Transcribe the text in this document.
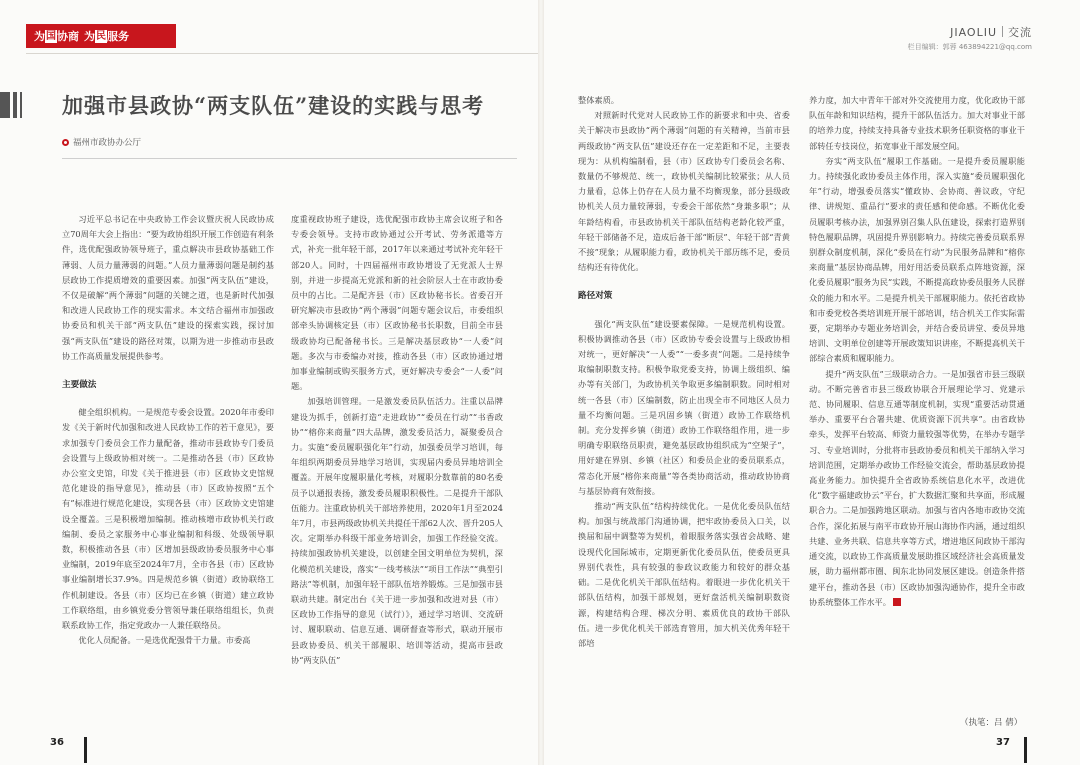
为 国 协商 为 民 服务	JIAOLIU 交流
栏目编辑：郭蓉 463894221@qq.com
加强市县政协“两支队伍”建设的实践与思考
福州市政协办公厅

习近平总书记在中央政协工作会议暨庆祝人民政协成立70周年大会上指出：“要为政协组织开展工作创造有利条件，选优配强政协领导班子，重点解决市县政协基础工作薄弱、人员力量薄弱的问题。”人员力量薄弱问题是制约基层政协工作提质增效的重要因素。加强“两支队伍”建设，不仅是破解“两个薄弱”问题的关键之道，也是新时代加强和改进人民政协工作的现实需求。本文结合福州市加强政协委员和机关干部“两支队伍”建设的探索实践，探讨加强“两支队伍”建设的路径对策，以期为进一步推动市县政协工作高质量发展提供参考。

主要做法

健全组织机构。一是规范专委会设置。2020年市委印发《关于新时代加强和改进人民政协工作的若干意见》，要求加强专门委员会工作力量配备，推动市县政协专门委员会设置与上级政协相对统一。二是推动各县（市）区政协办公室文史馆，印发《关于推进县（市）区政协文史馆规范化建设的指导意见》，推动县（市）区政协按照“五个有”标准进行规范化建设，实现各县（市）区政协文史馆建设全覆盖。三是积极增加编制。推动核增市政协机关行政编制、委员之家服务中心事业编制和科级、处级领导职数，积极推动各县（市）区增加县级政协委员服务中心事业编制，2019年底至2024年7月，全市各县（市）区政协事业编制增长37.9%。四是规范乡镇（街道）政协联络工作机制建设。各县（市）区均已在乡镇（街道）建立政协工作联络组，由乡镇党委分管领导兼任联络组组长，负责联系政协工作，指定党政办一人兼任联络员。

优化人员配备。一是选优配强骨干力量。市委高

度重视政协班子建设，选优配强市政协主席会议班子和各专委会领导。支持市政协通过公开考试、劳务派遣等方式，补充一批年轻干部，2017年以来通过考试补充年轻干部20人。同时，十四届福州市政协增设了无党派人士界别，并进一步提高无党派和新的社会阶层人士在市政协委员中的占比。二是配齐县（市）区政协秘书长。省委召开研究解决市县政协“两个薄弱”问题专题会议后，市委组织部牵头协调核定县（市）区政协秘书长职数，目前全市县级政协均已配备秘书长。三是解决基层政协“一人委”问题。多次与市委编办对接，推动各县（市）区政协通过增加事业编制或购买服务方式，更好解决专委会“一人委”问题。

加强培训管理。一是激发委员队伍活力。注重以品牌建设为抓手，创新打造“走进政协”“委员在行动”“书香政协”“榕你来商量”四大品牌，激发委员活力，凝聚委员合力。实施“委员履职强化年”行动，加强委员学习培训，每年组织两期委员异地学习培训，实现届内委员异地培训全覆盖。开展年度履职量化考核，对履职分数靠前的80名委员予以通报表扬，激发委员履职积极性。二是提升干部队伍能力。注重政协机关干部培养使用，2020年1月至2024年7月，市县两级政协机关共提任干部62人次、晋升205人次。定期举办科级干部业务培训会，加强工作经验交流。持续加强政协机关建设，以创建全国文明单位为契机，深化模范机关建设，落实“一线考核法”“项目工作法”“典型引路法”等机制，加强年轻干部队伍培养锻炼。三是加强市县联动共建。制定出台《关于进一步加强和改进对县（市）区政协工作指导的意见（试行）》，通过学习培训、交流研讨、履职联动、信息互通、调研督查等形式，联动开展市县政协委员、机关干部履职、培训等活动，提高市县政协“两支队伍”

整体素质。

对照新时代党对人民政协工作的新要求和中央、省委关于解决市县政协“两个薄弱”问题的有关精神，当前市县两级政协“两支队伍”建设还存在一定差距和不足，主要表现为：从机构编制看，县（市）区政协专门委员会名称、数量仍不够规范、统一，政协机关编制比较紧张；从人员力量看，总体上仍存在人员力量不均衡现象，部分县级政协机关人员力量较薄弱，专委会干部依然“身兼多职”；从年龄结构看，市县政协机关干部队伍结构老龄化较严重，年轻干部储备不足，造成后备干部“断层”、年轻干部“青黄不接”现象；从履职能力看，政协机关干部历练不足，委员结构还有待优化。

路径对策

强化“两支队伍”建设要素保障。一是规范机构设置。积极协调推动各县（市）区政协专委会设置与上级政协相对统一，更好解决“一人委”“一委多责”问题。二是持续争取编制职数支持。积极争取党委支持，协调上级组织、编办等有关部门，为政协机关争取更多编制职数。同时相对统一各县（市）区编制数，防止出现全市不同地区人员力量不均衡问题。三是巩固乡镇（街道）政协工作联络机制。充分发挥乡镇（街道）政协工作联络组作用，进一步明确专职联络员职责，避免基层政协组织成为“空架子”，用好建在界别、乡镇（社区）和委员企业的委员联系点，常态化开展“榕你来商量”等各类协商活动，推动政协协商与基层协商有效衔接。

推动“两支队伍”结构持续优化。一是优化委员队伍结构。加强与统战部门沟通协调，把牢政协委员入口关，以换届和届中调整等为契机，着眼服务落实强省会战略、建设现代化国际城市，定期更新优化委员队伍，使委员更具界别代表性，具有较强的参政议政能力和较好的群众基础。二是优化机关干部队伍结构。着眼进一步优化机关干部队伍结构，加强干部规划，更好盘活机关编制职数资源，构建结构合理、梯次分明、素质优良的政协干部队伍。进一步优化机关干部选育管用，加大机关优秀年轻干部培

养力度，加大中青年干部对外交流使用力度，优化政协干部队伍年龄和知识结构，提升干部队伍活力。加大对事业干部的培养力度，持续支持具备专业技术职务任职资格的事业干部转任专技岗位，拓宽事业干部发展空间。

夯实“两支队伍”履职工作基础。一是提升委员履职能力。持续强化政协委员主体作用，深入实施“委员履职强化年”行动，增强委员落实“懂政协、会协商、善议政，守纪律、讲规矩、重品行”要求的责任感和使命感。不断优化委员履职考核办法，加强界别召集人队伍建设，探索打造界别特色履职品牌，巩固提升界别影响力。持续完善委员联系界别群众制度机制，深化“委员在行动”为民服务品牌和“榕你来商量”基层协商品牌，用好用活委员联系点阵地资源，深化委员履职“服务为民”实践，不断提高政协委员服务人民群众的能力和水平。二是提升机关干部履职能力。依托省政协和市委党校各类培训班开展干部培训，结合机关工作实际需要，定期举办专题业务培训会，并结合委员讲堂、委员异地培训、文明单位创建等开展政策知识讲座，不断提高机关干部综合素质和履职能力。

提升“两支队伍”三级联动合力。一是加强省市县三级联动。不断完善省市县三级政协联合开展理论学习、党建示范、协同履职、信息互通等制度机制，实现“重要活动贯通举办、重要平台合署共建、优质资源下沉共享”。由省政协牵头，发挥平台较高、师资力量较强等优势，在举办专题学习、专业培训时，分批将市县政协委员和机关干部纳入学习培训范围，定期举办政协工作经验交流会，帮助基层政协提高业务能力。加快提升全省政协系统信息化水平，改进优化“数字福建政协云”平台，扩大数据汇聚和共享面，形成履职合力。二是加强跨地区联动。加强与省内各地市政协交流合作，深化拓展与南平市政协开展山海协作内涵，通过组织共建、业务共联、信息共享等方式，增进地区间政协干部沟通交流，以政协工作高质量发展助推区域经济社会高质量发展，助力福州都市圈、闽东北协同发展区建设。创造条件搭建平台，推动各县（市）区政协加强沟通协作，提升全市政协系统整体工作水平。

（执笔：吕 倩）
36	37
